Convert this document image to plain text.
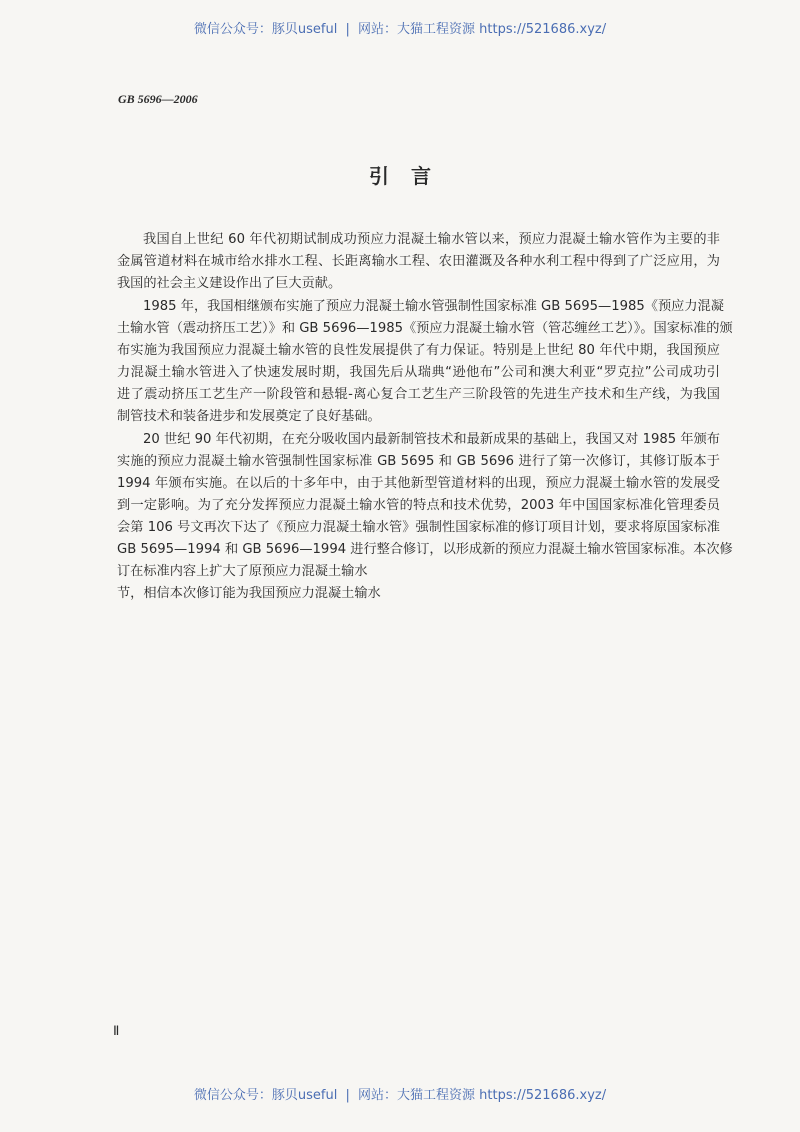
微信公众号：豚贝useful | 网站：大猫工程资源 https://521686.xyz/
GB 5696—2006
引言
我国自上世纪 60 年代初期试制成功预应力混凝土输水管以来，预应力混凝土输水管作为主要的非
金属管道材料在城市给水排水工程、长距离输水工程、农田灌溉及各种水利工程中得到了广泛应用，为
我国的社会主义建设作出了巨大贡献。
1985 年，我国相继颁布实施了预应力混凝土输水管强制性国家标准 GB 5695—1985《预应力混凝
土输水管（震动挤压工艺）》和 GB 5696—1985《预应力混凝土输水管（管芯缠丝工艺）》。国家标准的颁
布实施为我国预应力混凝土输水管的良性发展提供了有力保证。特别是上世纪 80 年代中期，我国预应
力混凝土输水管进入了快速发展时期，我国先后从瑞典“逊他布”公司和澳大利亚“罗克拉”公司成功引
进了震动挤压工艺生产一阶段管和悬辊-离心复合工艺生产三阶段管的先进生产技术和生产线，为我国
制管技术和装备进步和发展奠定了良好基础。
20 世纪 90 年代初期，在充分吸收国内最新制管技术和最新成果的基础上，我国又对 1985 年颁布
实施的预应力混凝土输水管强制性国家标准 GB 5695 和 GB 5696 进行了第一次修订，其修订版本于
1994 年颁布实施。在以后的十多年中，由于其他新型管道材料的出现，预应力混凝土输水管的发展受
到一定影响。为了充分发挥预应力混凝土输水管的特点和技术优势，2003 年中国国家标准化管理委员
会第 106 号文再次下达了《预应力混凝土输水管》强制性国家标准的修订项目计划，要求将原国家标准
GB 5695—1994 和 GB 5696—1994 进行整合修订，以形成新的预应力混凝土输水管国家标准。本次修
订在标准内容上扩大了原预应力混凝土输水
节，相信本次修订能为我国预应力混凝土输水
Ⅱ
微信公众号：豚贝useful | 网站：大猫工程资源 https://521686.xyz/
